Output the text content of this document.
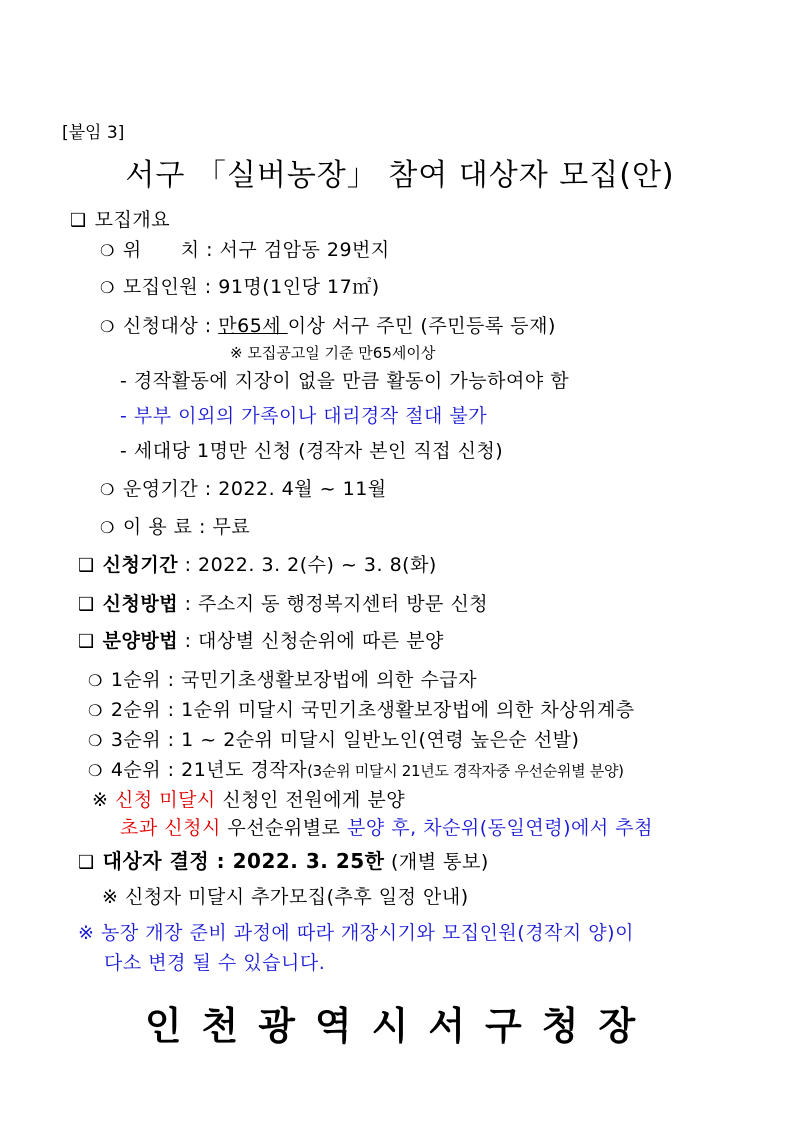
[붙임 3]
서구 「실버농장」 참여 대상자 모집(안)
❑ 모집개요
❍ 위　　치 : 서구 검암동 29번지
❍ 모집인원 : 91명(1인당 17㎡)
❍ 신청대상 : 만65세 이상 서구 주민 (주민등록 등재)
※ 모집공고일 기준 만65세이상
- 경작활동에 지장이 없을 만큼 활동이 가능하여야 함
- 부부 이외의 가족이나 대리경작 절대 불가
- 세대당 1명만 신청 (경작자 본인 직접 신청)
❍ 운영기간 : 2022. 4월 ~ 11월
❍ 이 용 료 : 무료
❑ 신청기간 : 2022. 3. 2(수) ~ 3. 8(화)
❑ 신청방법 : 주소지 동 행정복지센터 방문 신청
❑ 분양방법 : 대상별 신청순위에 따른 분양
❍ 1순위 : 국민기초생활보장법에 의한 수급자
❍ 2순위 : 1순위 미달시 국민기초생활보장법에 의한 차상위계층
❍ 3순위 : 1 ~ 2순위 미달시 일반노인(연령 높은순 선발)
❍ 4순위 : 21년도 경작자(3순위 미달시 21년도 경작자중 우선순위별 분양)
※ 신청 미달시 신청인 전원에게 분양
초과 신청시 우선순위별로 분양 후, 차순위(동일연령)에서 추첨
❑ 대상자 결정 : 2022. 3. 25한 (개별 통보)
※ 신청자 미달시 추가모집(추후 일정 안내)
※ 농장 개장 준비 과정에 따라 개장시기와 모집인원(경작지 양)이
다소 변경 될 수 있습니다.
인천광역시서구청장
